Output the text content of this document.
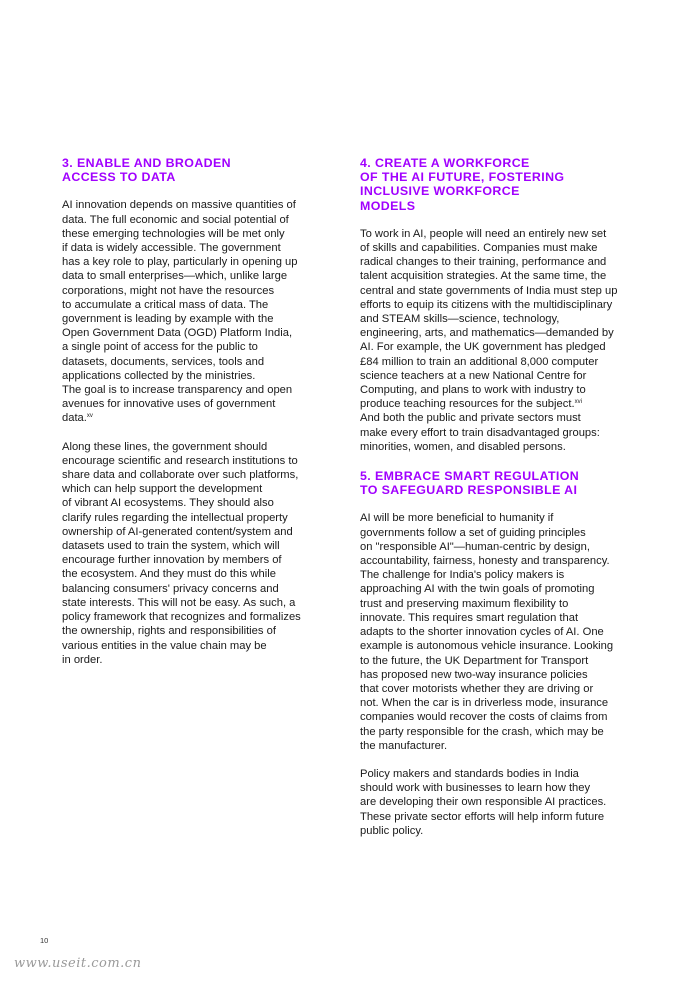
3. ENABLE AND BROADEN
ACCESS TO DATA

AI innovation depends on massive quantities of
data. The full economic and social potential of
these emerging technologies will be met only
if data is widely accessible. The government
has a key role to play, particularly in opening up
data to small enterprises—which, unlike large
corporations, might not have the resources
to accumulate a critical mass of data. The
government is leading by example with the
Open Government Data (OGD) Platform India,
a single point of access for the public to
datasets, documents, services, tools and
applications collected by the ministries.
The goal is to increase transparency and open
avenues for innovative uses of government
data.$^{xv}$

Along these lines, the government should
encourage scientific and research institutions to
share data and collaborate over such platforms,
which can help support the development
of vibrant AI ecosystems. They should also
clarify rules regarding the intellectual property
ownership of AI-generated content/system and
datasets used to train the system, which will
encourage further innovation by members of
the ecosystem. And they must do this while
balancing consumers' privacy concerns and
state interests. This will not be easy. As such, a
policy framework that recognizes and formalizes
the ownership, rights and responsibilities of
various entities in the value chain may be
in order.

4. CREATE A WORKFORCE
OF THE AI FUTURE, FOSTERING
INCLUSIVE WORKFORCE
MODELS

To work in AI, people will need an entirely new set
of skills and capabilities. Companies must make
radical changes to their training, performance and
talent acquisition strategies. At the same time, the
central and state governments of India must step up
efforts to equip its citizens with the multidisciplinary
and STEAM skills—science, technology,
engineering, arts, and mathematics—demanded by
AI. For example, the UK government has pledged
£84 million to train an additional 8,000 computer
science teachers at a new National Centre for
Computing, and plans to work with industry to
produce teaching resources for the subject.$^{xvi}$
And both the public and private sectors must
make every effort to train disadvantaged groups:
minorities, women, and disabled persons.

5. EMBRACE SMART REGULATION
TO SAFEGUARD RESPONSIBLE AI

AI will be more beneficial to humanity if
governments follow a set of guiding principles
on "responsible AI"—human-centric by design,
accountability, fairness, honesty and transparency.
The challenge for India's policy makers is
approaching AI with the twin goals of promoting
trust and preserving maximum flexibility to
innovate. This requires smart regulation that
adapts to the shorter innovation cycles of AI. One
example is autonomous vehicle insurance. Looking
to the future, the UK Department for Transport
has proposed new two-way insurance policies
that cover motorists whether they are driving or
not. When the car is in driverless mode, insurance
companies would recover the costs of claims from
the party responsible for the crash, which may be
the manufacturer.

Policy makers and standards bodies in India
should work with businesses to learn how they
are developing their own responsible AI practices.
These private sector efforts will help inform future
public policy.

10
www.useit.com.cn
